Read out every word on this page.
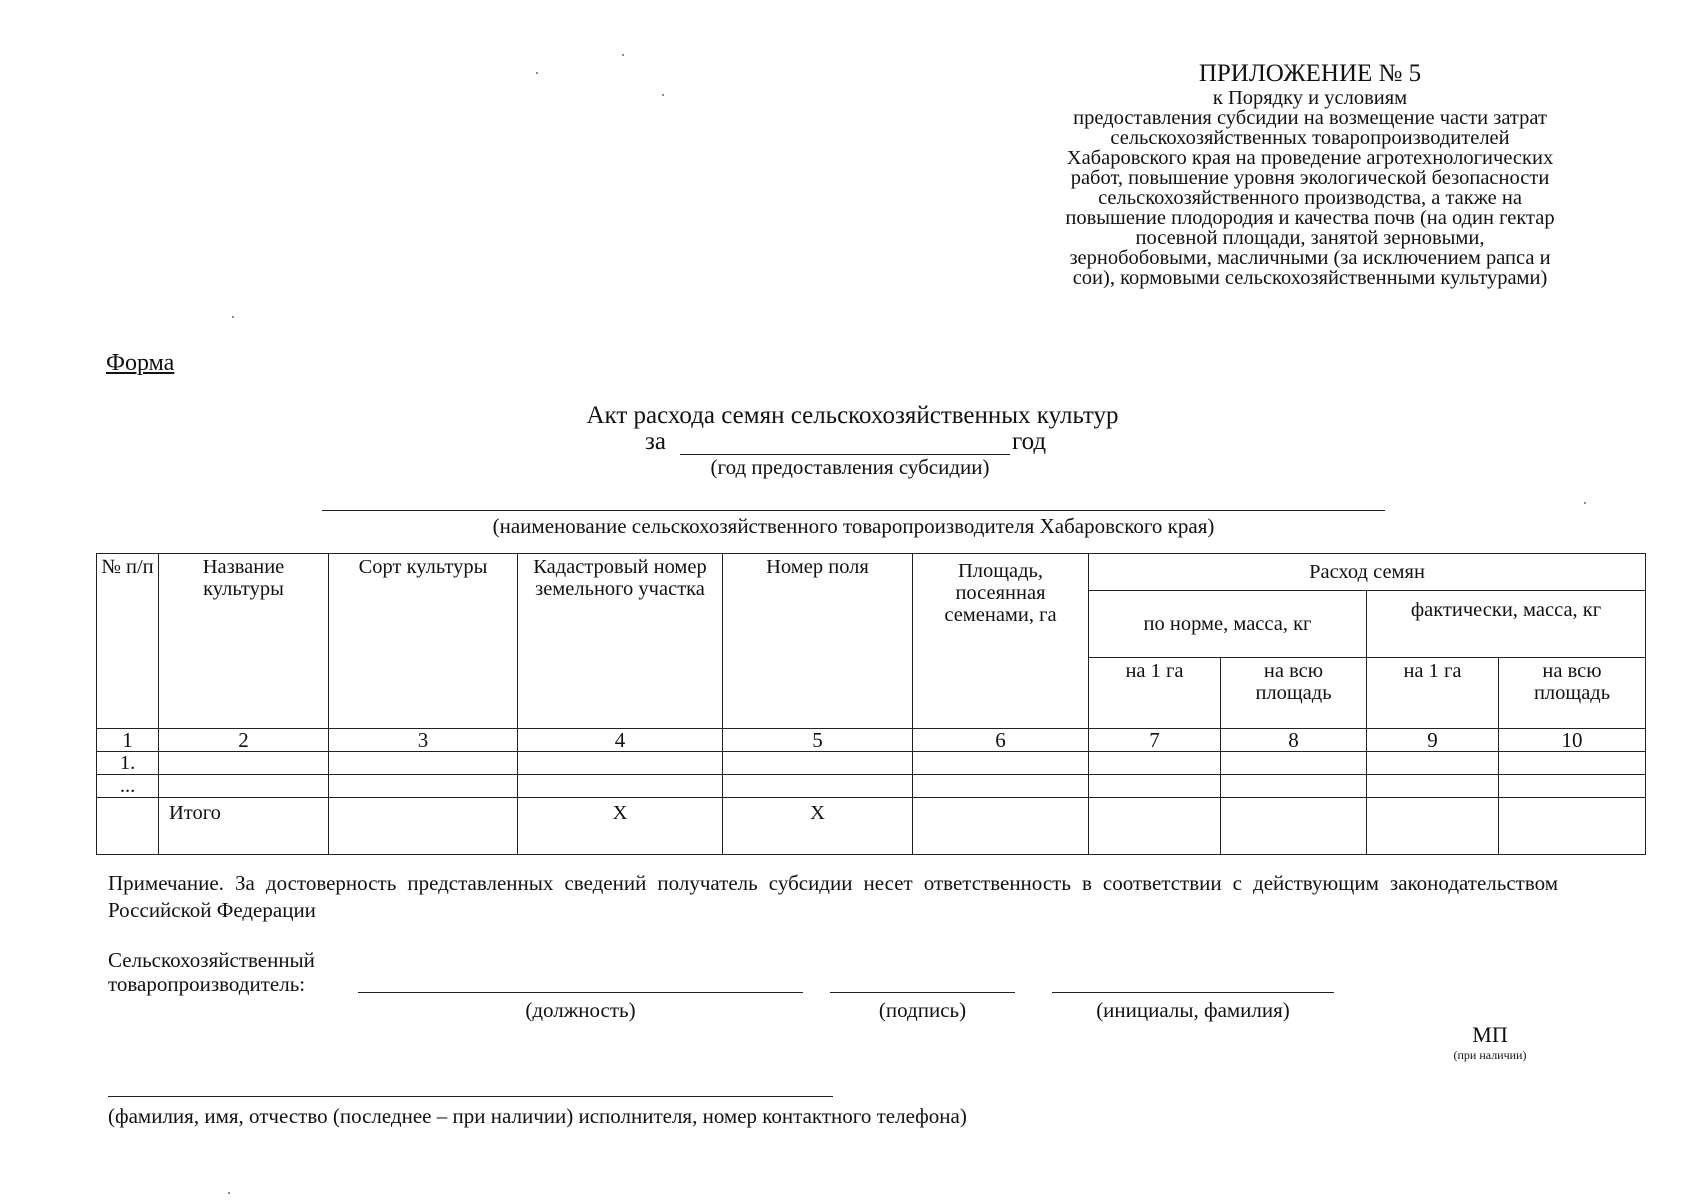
ПРИЛОЖЕНИЕ № 5
к Порядку и условиям
предоставления субсидии на возмещение части затрат
сельскохозяйственных товаропроизводителей
Хабаровского края на проведение агротехнологических
работ, повышение уровня экологической безопасности
сельскохозяйственного производства, а также на
повышение плодородия и качества почв (на один гектар
посевной площади, занятой зерновыми,
зернобобовыми, масличными (за исключением рапса и
сои), кормовыми сельскохозяйственными культурами)
Форма
Акт расхода семян сельскохозяйственных культур
за	год
(год предоставления субсидии)
(наименование сельскохозяйственного товаропроизводителя Хабаровского края)
№ п/п	Название культуры	Сорт культуры	Кадастровый номер земельного участка	Номер поля	Площадь, посеянная семенами, га	Расход семян			
						по норме, масса, кг		фактически, масса, кг	
						на 1 га	на всю площадь	на 1 га	на всю площадь
1	2	3	4	5	6	7	8	9	10
1.									
...									
	Итого		X	X					
Примечание. За достоверность представленных сведений получатель субсидии несет ответственность в соответствии с действующим законодательством Российской Федерации
Сельскохозяйственный
товаропроизводитель:
(должность)	(подпись)	(инициалы, фамилия)
МП
(при наличии)
(фамилия, имя, отчество (последнее – при наличии) исполнителя, номер контактного телефона)
